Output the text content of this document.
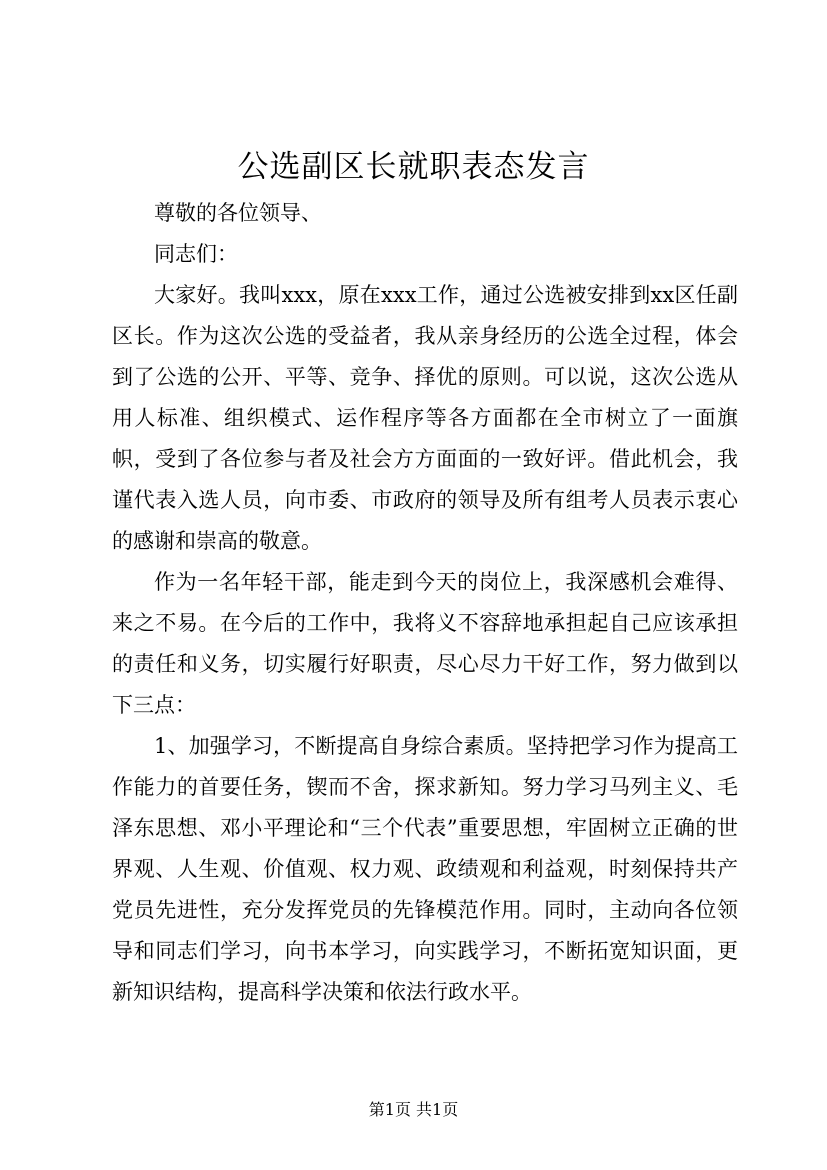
公选副区长就职表态发言

尊敬的各位领导、

同志们：

大家好。我叫xxx，原在xxx工作，通过公选被安排到xx区任副区长。作为这次公选的受益者，我从亲身经历的公选全过程，体会到了公选的公开、平等、竞争、择优的原则。可以说，这次公选从用人标准、组织模式、运作程序等各方面都在全市树立了一面旗帜，受到了各位参与者及社会方方面面的一致好评。借此机会，我谨代表入选人员，向市委、市政府的领导及所有组考人员表示衷心的感谢和崇高的敬意。

作为一名年轻干部，能走到今天的岗位上，我深感机会难得、来之不易。在今后的工作中，我将义不容辞地承担起自己应该承担的责任和义务，切实履行好职责，尽心尽力干好工作，努力做到以下三点：

1、加强学习，不断提高自身综合素质。坚持把学习作为提高工作能力的首要任务，锲而不舍，探求新知。努力学习马列主义、毛泽东思想、邓小平理论和“三个代表”重要思想，牢固树立正确的世界观、人生观、价值观、权力观、政绩观和利益观，时刻保持共产党员先进性，充分发挥党员的先锋模范作用。同时，主动向各位领导和同志们学习，向书本学习，向实践学习，不断拓宽知识面，更新知识结构，提高科学决策和依法行政水平。

第1页 共1页
